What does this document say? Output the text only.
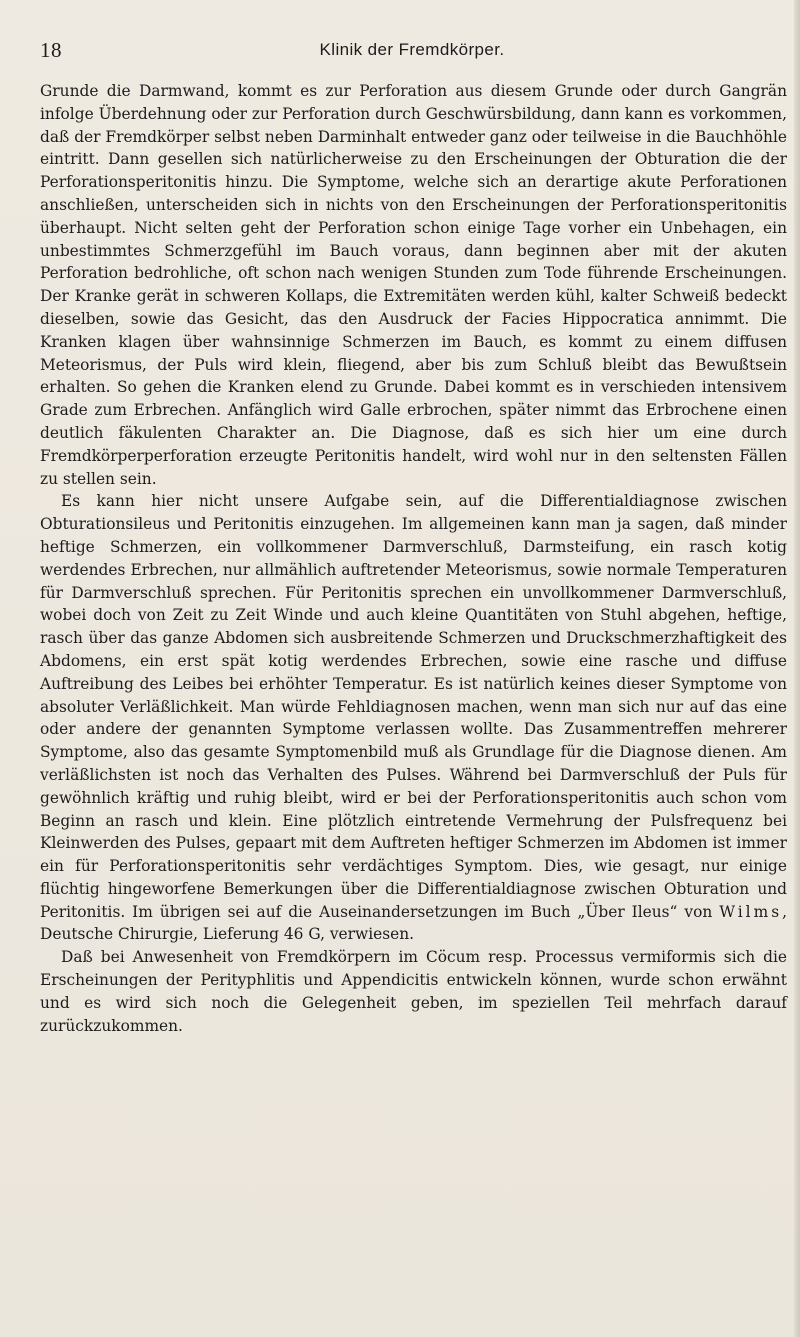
18	Klinik der Fremdkörper.

Grunde die Darmwand, kommt es zur Perforation aus diesem Grunde oder durch Gangrän infolge Überdehnung oder zur Perforation durch Geschwürsbildung, dann kann es vorkommen, daß der Fremdkörper selbst neben Darminhalt entweder ganz oder teilweise in die Bauchhöhle eintritt. Dann gesellen sich natürlicherweise zu den Erscheinungen der Obturation die der Perforationsperitonitis hinzu. Die Symptome, welche sich an derartige akute Perforationen anschließen, unterscheiden sich in nichts von den Erscheinungen der Perforationsperitonitis überhaupt. Nicht selten geht der Perforation schon einige Tage vorher ein Unbehagen, ein unbestimmtes Schmerzgefühl im Bauch voraus, dann beginnen aber mit der akuten Perforation bedrohliche, oft schon nach wenigen Stunden zum Tode führende Erscheinungen. Der Kranke gerät in schweren Kollaps, die Extremitäten werden kühl, kalter Schweiß bedeckt dieselben, sowie das Gesicht, das den Ausdruck der Facies Hippocratica annimmt. Die Kranken klagen über wahnsinnige Schmerzen im Bauch, es kommt zu einem diffusen Meteorismus, der Puls wird klein, fliegend, aber bis zum Schluß bleibt das Bewußtsein erhalten. So gehen die Kranken elend zu Grunde. Dabei kommt es in verschieden intensivem Grade zum Erbrechen. Anfänglich wird Galle erbrochen, später nimmt das Erbrochene einen deutlich fäkulenten Charakter an. Die Diagnose, daß es sich hier um eine durch Fremdkörperperforation erzeugte Peritonitis handelt, wird wohl nur in den seltensten Fällen zu stellen sein.

Es kann hier nicht unsere Aufgabe sein, auf die Differentialdiagnose zwischen Obturationsileus und Peritonitis einzugehen. Im allgemeinen kann man ja sagen, daß minder heftige Schmerzen, ein vollkommener Darmverschluß, Darmsteifung, ein rasch kotig werdendes Erbrechen, nur allmählich auftretender Meteorismus, sowie normale Temperaturen für Darmverschluß sprechen. Für Peritonitis sprechen ein unvollkommener Darmverschluß, wobei doch von Zeit zu Zeit Winde und auch kleine Quantitäten von Stuhl abgehen, heftige, rasch über das ganze Abdomen sich ausbreitende Schmerzen und Druckschmerzhaftigkeit des Abdomens, ein erst spät kotig werdendes Erbrechen, sowie eine rasche und diffuse Auftreibung des Leibes bei erhöhter Temperatur. Es ist natürlich keines dieser Symptome von absoluter Verläßlichkeit. Man würde Fehldiagnosen machen, wenn man sich nur auf das eine oder andere der genannten Symptome verlassen wollte. Das Zusammentreffen mehrerer Symptome, also das gesamte Symptomenbild muß als Grundlage für die Diagnose dienen. Am verläßlichsten ist noch das Verhalten des Pulses. Während bei Darmverschluß der Puls für gewöhnlich kräftig und ruhig bleibt, wird er bei der Perforationsperitonitis auch schon vom Beginn an rasch und klein. Eine plötzlich eintretende Vermehrung der Pulsfrequenz bei Kleinwerden des Pulses, gepaart mit dem Auftreten heftiger Schmerzen im Abdomen ist immer ein für Perforationsperitonitis sehr verdächtiges Symptom. Dies, wie gesagt, nur einige flüchtig hingeworfene Bemerkungen über die Differentialdiagnose zwischen Obturation und Peritonitis. Im übrigen sei auf die Auseinandersetzungen im Buch „Über Ileus“ von Wilms, Deutsche Chirurgie, Lieferung 46 G, verwiesen.

Daß bei Anwesenheit von Fremdkörpern im Cöcum resp. Processus vermiformis sich die Erscheinungen der Perityphlitis und Appendicitis entwickeln können, wurde schon erwähnt und es wird sich noch die Gelegenheit geben, im speziellen Teil mehrfach darauf zurückzukommen.
